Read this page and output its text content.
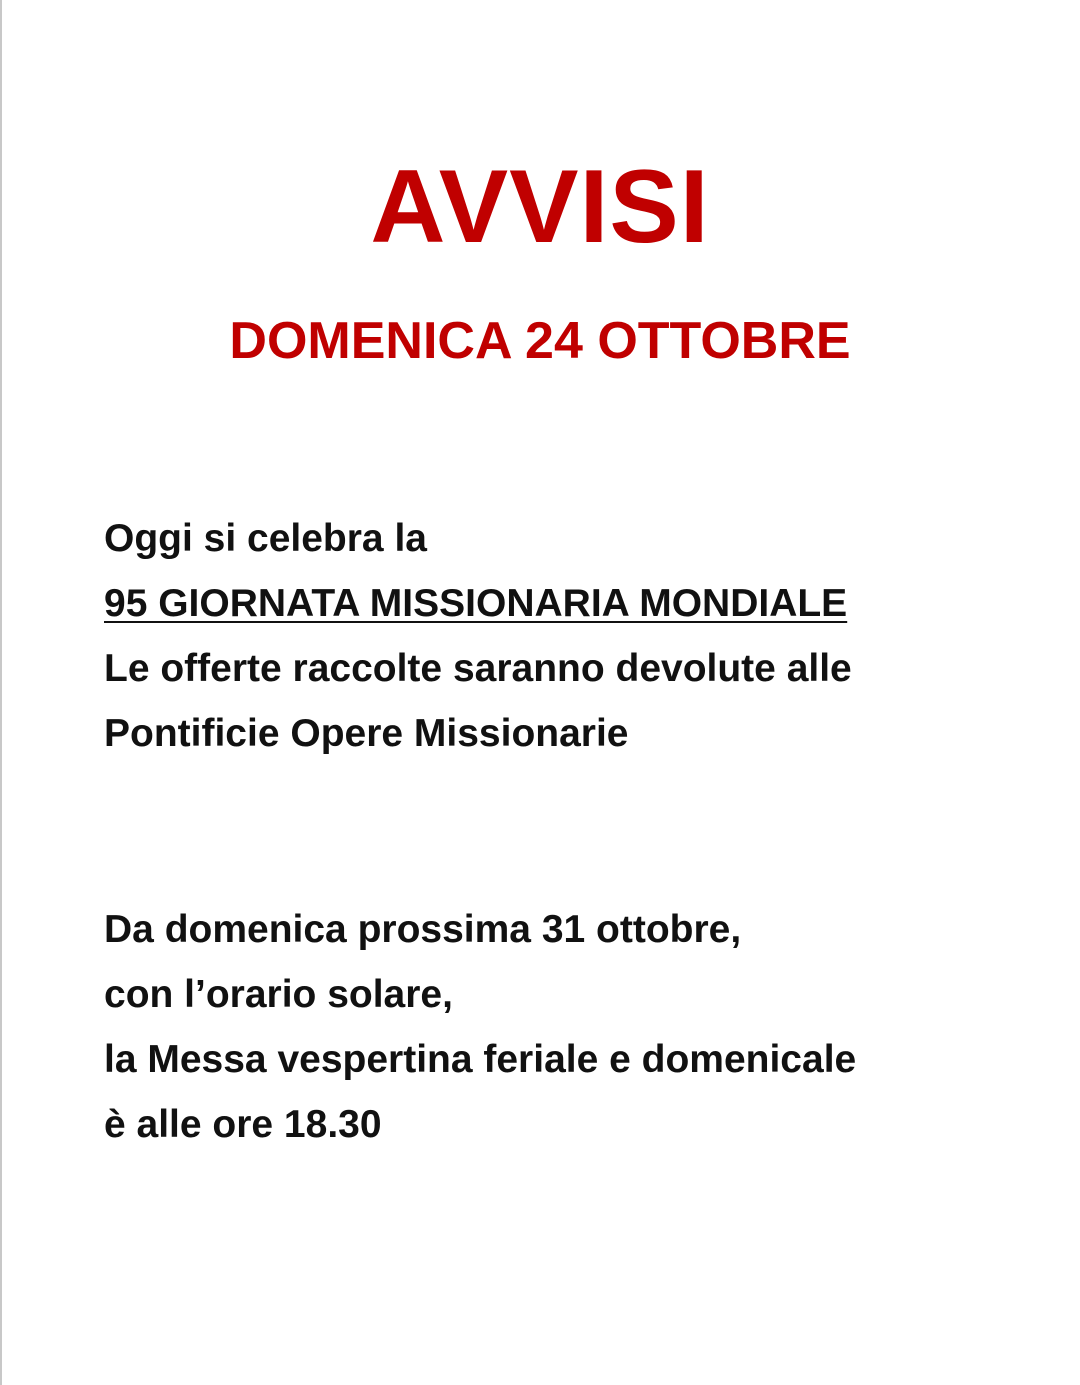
AVVISI
DOMENICA 24 OTTOBRE
Oggi si celebra la
95 GIORNATA MISSIONARIA MONDIALE
Le offerte raccolte saranno devolute alle
Pontificie Opere Missionarie
Da domenica prossima 31 ottobre,
con l’orario solare,
la Messa vespertina feriale e domenicale
è alle ore 18.30
